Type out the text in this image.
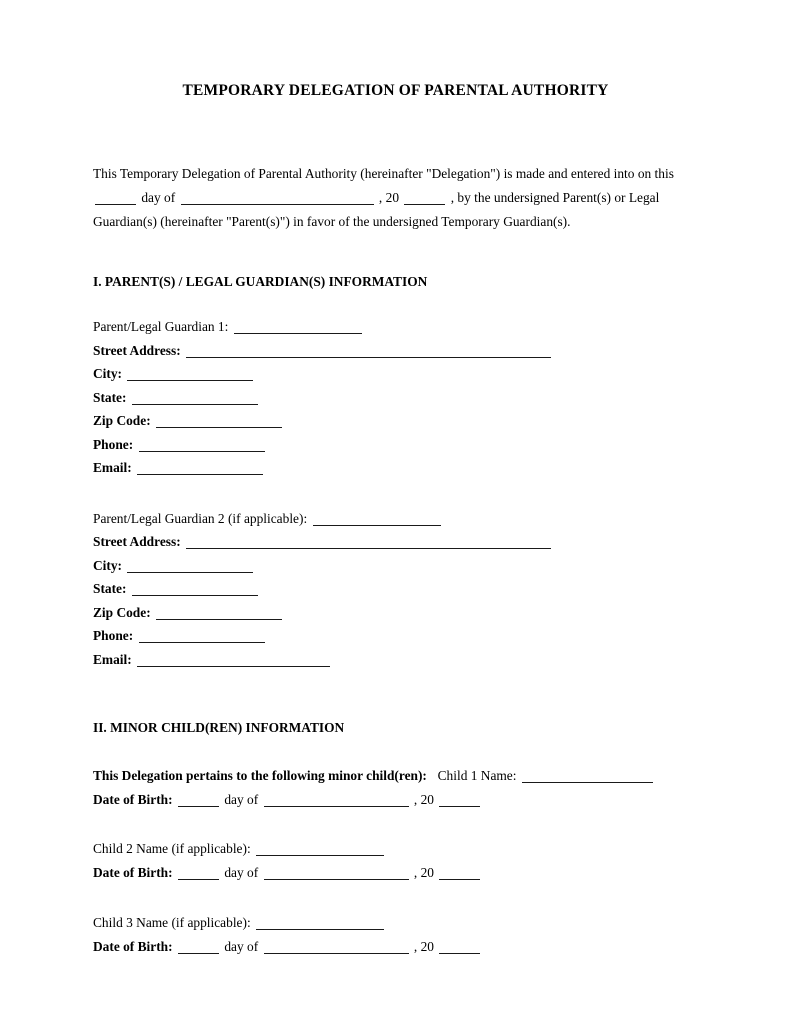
TEMPORARY DELEGATION OF PARENTAL AUTHORITY

This Temporary Delegation of Parental Authority (hereinafter "Delegation") is made and entered into on this  day of	, 20	, by the undersigned Parent(s) or Legal Guardian(s) (hereinafter "Parent(s)") in favor of the undersigned Temporary Guardian(s).

I. PARENT(S) / LEGAL GUARDIAN(S) INFORMATION
Parent/Legal Guardian 1:
Street Address:
City:
State:
Zip Code:
Phone:
Email:
Parent/Legal Guardian 2 (if applicable):
Street Address:
City:
State:
Zip Code:
Phone:
Email:
II. MINOR CHILD(REN) INFORMATION
This Delegation pertains to the following minor child(ren): Child 1 Name:
Date of Birth:	day of	, 20
Child 2 Name (if applicable):
Date of Birth:	day of	, 20
Child 3 Name (if applicable):
Date of Birth:	day of	, 20
